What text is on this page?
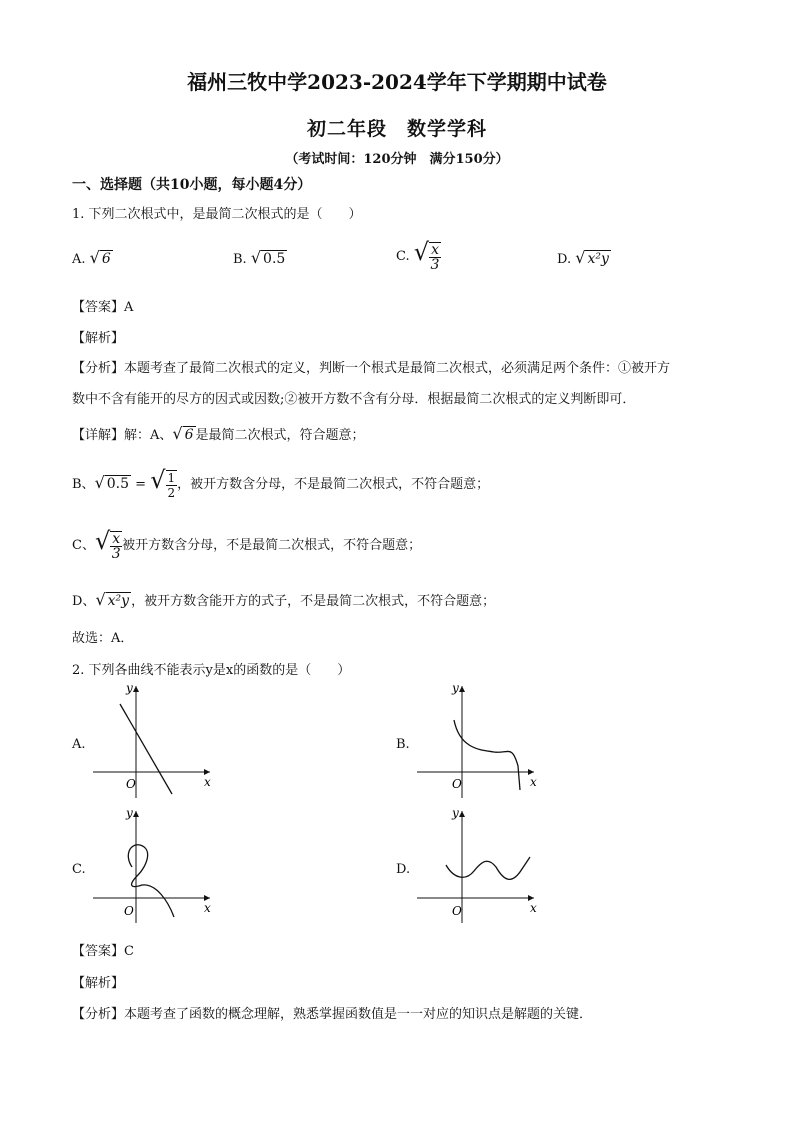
福州三牧中学2023-2024学年下学期期中试卷
初二年段　数学学科
（考试时间：120分钟　满分150分）
一、选择题（共10小题，每小题4分）
1. 下列二次根式中，是最简二次根式的是（　　）
A. √ 6	B. √ 0.5	C. √ $\frac{x}{3}$	D. √ x²y
【答案】A
【解析】
【分析】本题考查了最简二次根式的定义，判断一个根式是最简二次根式，必须满足两个条件：①被开方
数中不含有能开的尽方的因式或因数;②被开方数不含有分母．根据最简二次根式的定义判断即可．
【详解】解：A、√ 6 是最简二次根式，符合题意；
B、√ 0.5 = √ $\frac{1}{2}$ ，被开方数含分母，不是最简二次根式，不符合题意；
C、√ $\frac{x}{3}$ 被开方数含分母，不是最简二次根式，不符合题意；
D、√ x²y ，被开方数含能开方的式子，不是最简二次根式，不符合题意；
故选：A．
2. 下列各曲线不能表示y是x的函数的是（　　）
A.
O	x
y
B.
O	x
y
C.
O	x
y
D.
O	x
y
【答案】C
【解析】
【分析】本题考查了函数的概念理解，熟悉掌握函数值是一一对应的知识点是解题的关键．
